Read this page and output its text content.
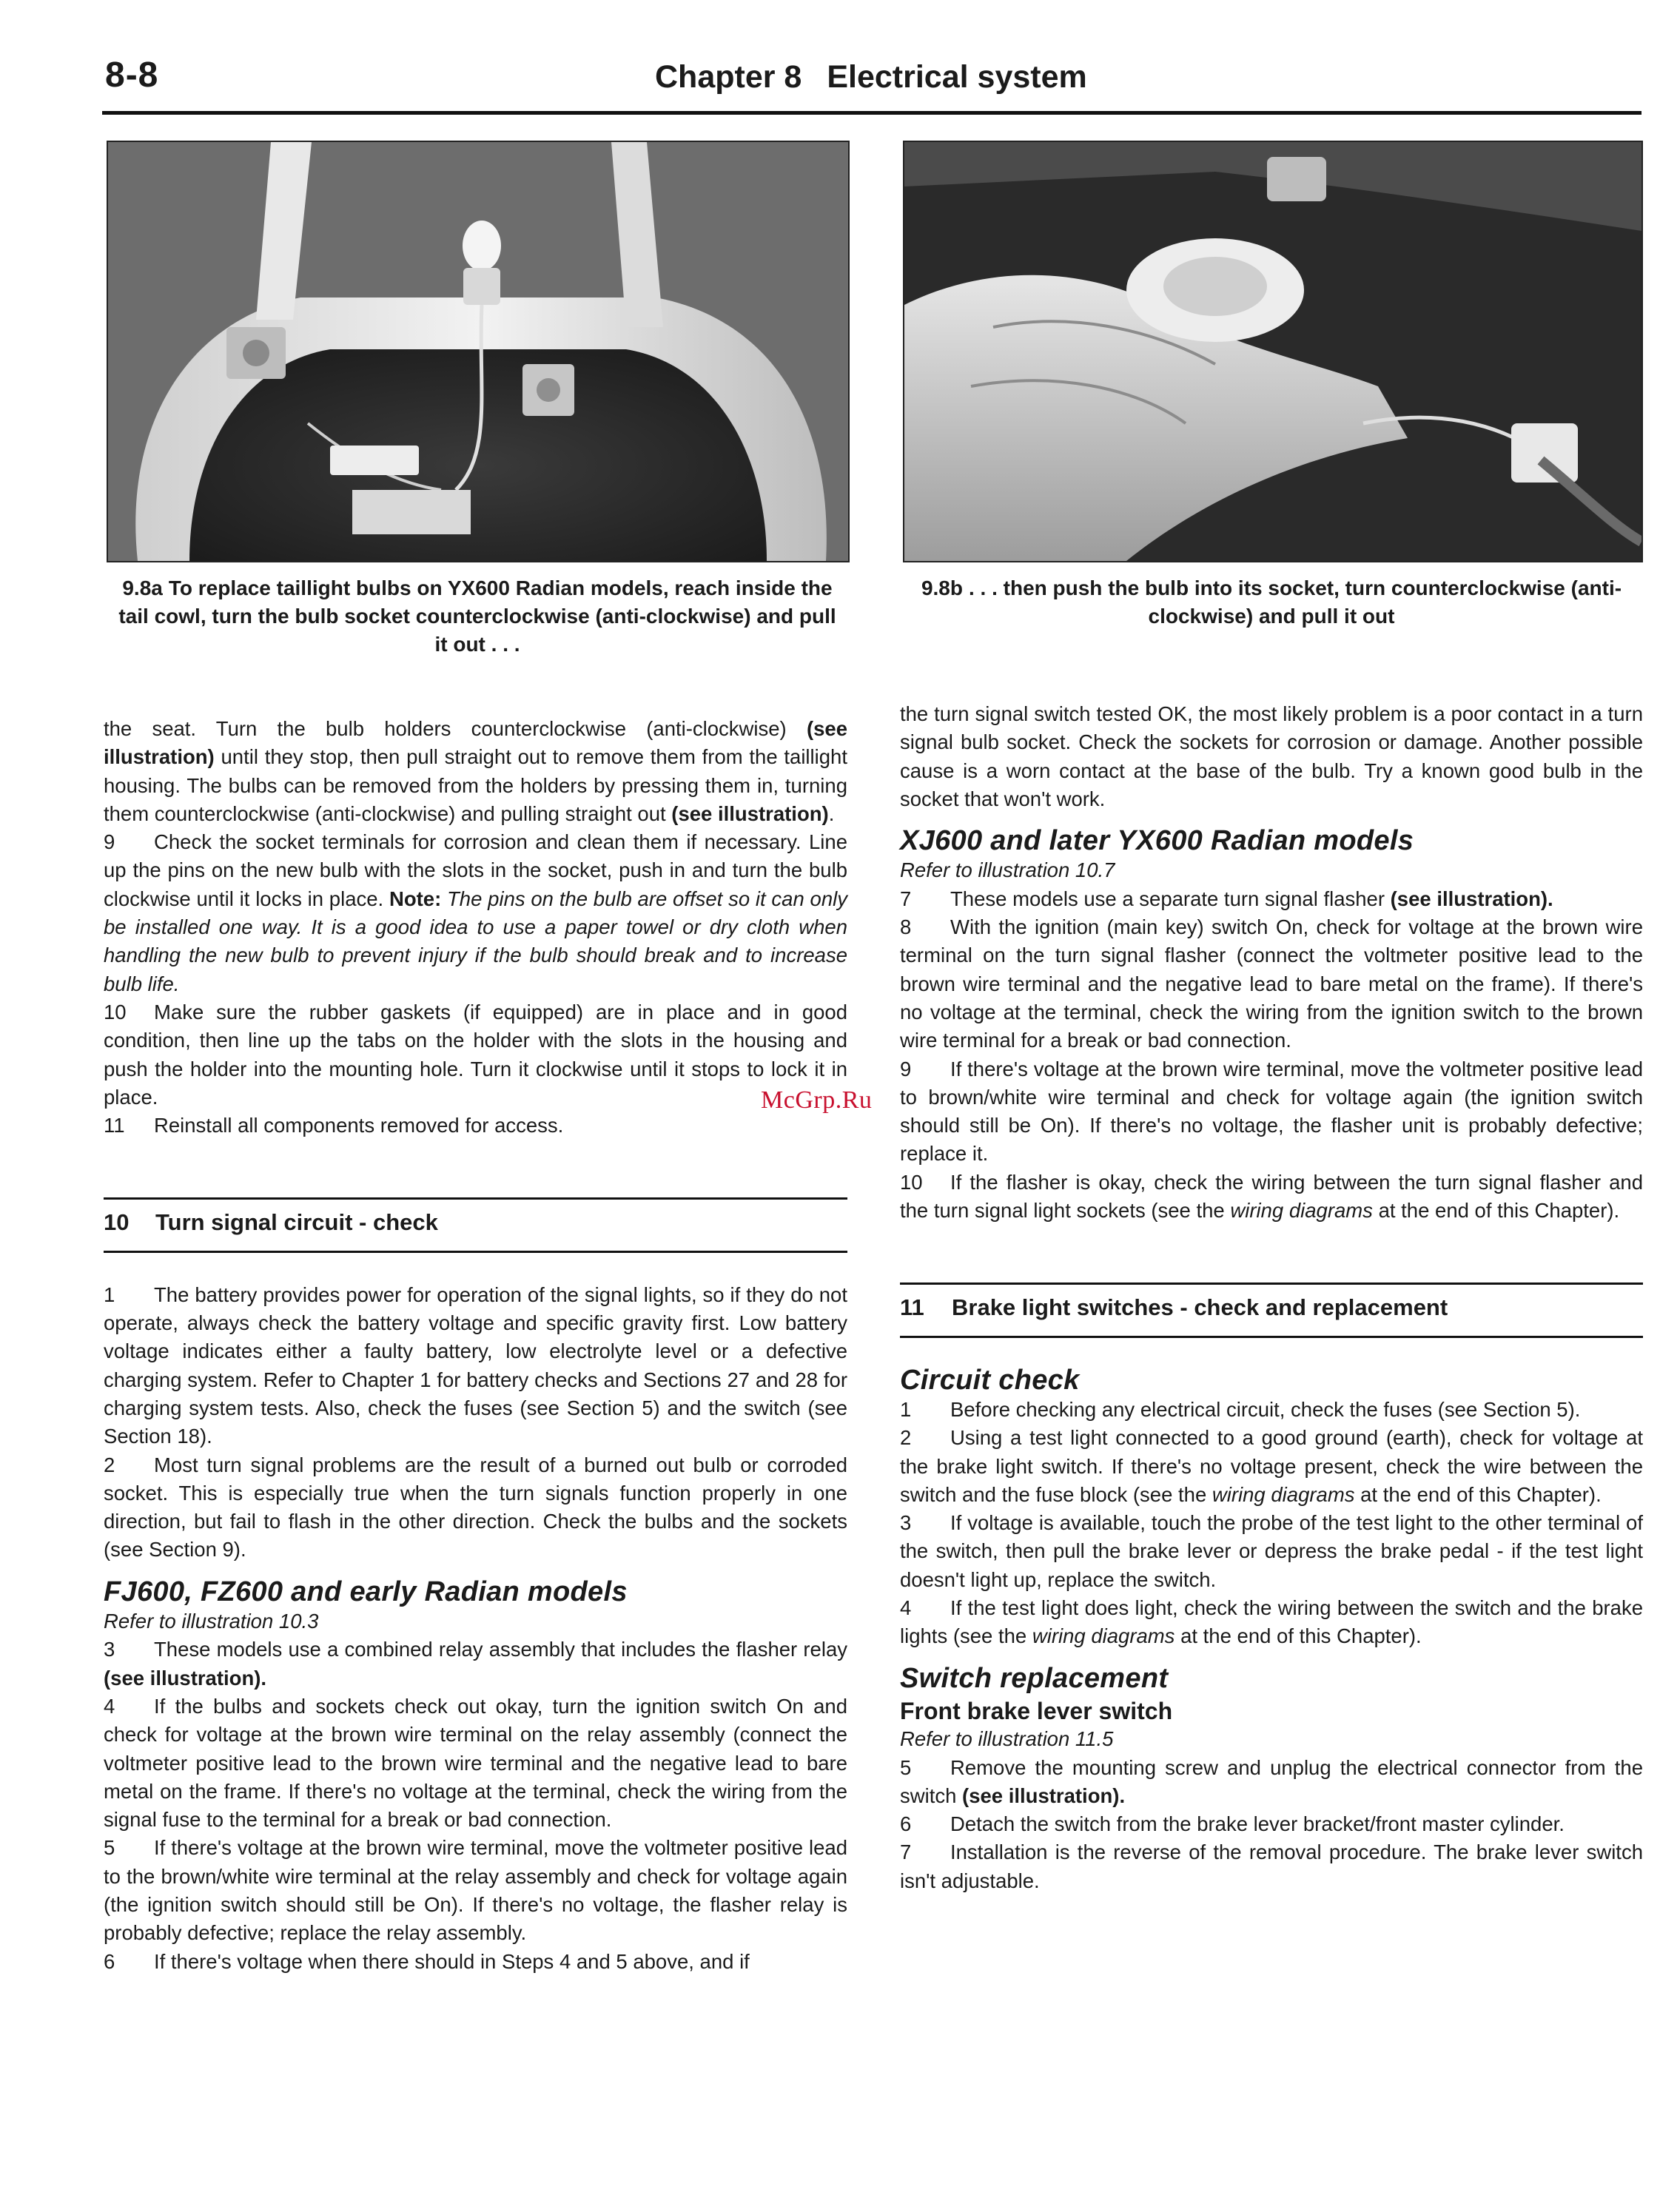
8-8	Chapter 8 Electrical system
9.8a To replace taillight bulbs on YX600 Radian models, reach inside the tail cowl, turn the bulb socket counterclockwise (anti-clockwise) and pull it out . . .
9.8b . . . then push the bulb into its socket, turn counterclockwise (anti-clockwise) and pull it out

the seat. Turn the bulb holders counterclockwise (anti-clockwise) (see illustration) until they stop, then pull straight out to remove them from the taillight housing. The bulbs can be removed from the holders by pressing them in, turning them counterclockwise (anti-clockwise) and pulling straight out (see illustration).

9 Check the socket terminals for corrosion and clean them if necessary. Line up the pins on the new bulb with the slots in the socket, push in and turn the bulb clockwise until it locks in place. Note: The pins on the bulb are offset so it can only be installed one way. It is a good idea to use a paper towel or dry cloth when handling the new bulb to prevent injury if the bulb should break and to increase bulb life.

10 Make sure the rubber gaskets (if equipped) are in place and in good condition, then line up the tabs on the holder with the slots in the housing and push the holder into the mounting hole. Turn it clockwise until it stops to lock it in place.

11 Reinstall all components removed for access.

10 Turn signal circuit - check

1 The battery provides power for operation of the signal lights, so if they do not operate, always check the battery voltage and specific gravity first. Low battery voltage indicates either a faulty battery, low electrolyte level or a defective charging system. Refer to Chapter 1 for battery checks and Sections 27 and 28 for charging system tests. Also, check the fuses (see Section 5) and the switch (see Section 18).

2 Most turn signal problems are the result of a burned out bulb or corroded socket. This is especially true when the turn signals function properly in one direction, but fail to flash in the other direction. Check the bulbs and the sockets (see Section 9).

FJ600, FZ600 and early Radian models

Refer to illustration 10.3

3 These models use a combined relay assembly that includes the flasher relay (see illustration).

4 If the bulbs and sockets check out okay, turn the ignition switch On and check for voltage at the brown wire terminal on the relay assembly (connect the voltmeter positive lead to the brown wire terminal and the negative lead to bare metal on the frame. If there's no voltage at the terminal, check the wiring from the signal fuse to the terminal for a break or bad connection.

5 If there's voltage at the brown wire terminal, move the voltmeter positive lead to the brown/white wire terminal at the relay assembly and check for voltage again (the ignition switch should still be On). If there's no voltage, the flasher relay is probably defective; replace the relay assembly.

6 If there's voltage when there should in Steps 4 and 5 above, and if

the turn signal switch tested OK, the most likely problem is a poor contact in a turn signal bulb socket. Check the sockets for corrosion or damage. Another possible cause is a worn contact at the base of the bulb. Try a known good bulb in the socket that won't work.

XJ600 and later YX600 Radian models

Refer to illustration 10.7

7 These models use a separate turn signal flasher (see illustration).

8 With the ignition (main key) switch On, check for voltage at the brown wire terminal on the turn signal flasher (connect the voltmeter positive lead to the brown wire terminal and the negative lead to bare metal on the frame). If there's no voltage at the terminal, check the wiring from the ignition switch to the brown wire terminal for a break or bad connection.

9 If there's voltage at the brown wire terminal, move the voltmeter positive lead to brown/white wire terminal and check for voltage again (the ignition switch should still be On). If there's no voltage, the flasher unit is probably defective; replace it.

10 If the flasher is okay, check the wiring between the turn signal flasher and the turn signal light sockets (see the wiring diagrams at the end of this Chapter).

11 Brake light switches - check and replacement
Circuit check

1 Before checking any electrical circuit, check the fuses (see Section 5).

2 Using a test light connected to a good ground (earth), check for voltage at the brake light switch. If there's no voltage present, check the wire between the switch and the fuse block (see the wiring diagrams at the end of this Chapter).

3 If voltage is available, touch the probe of the test light to the other terminal of the switch, then pull the brake lever or depress the brake pedal - if the test light doesn't light up, replace the switch.

4 If the test light does light, check the wiring between the switch and the brake lights (see the wiring diagrams at the end of this Chapter).

Switch replacement
Front brake lever switch

Refer to illustration 11.5

5 Remove the mounting screw and unplug the electrical connector from the switch (see illustration).

6 Detach the switch from the brake lever bracket/front master cylinder.

7 Installation is the reverse of the removal procedure. The brake lever switch isn't adjustable.

McGrp.Ru
